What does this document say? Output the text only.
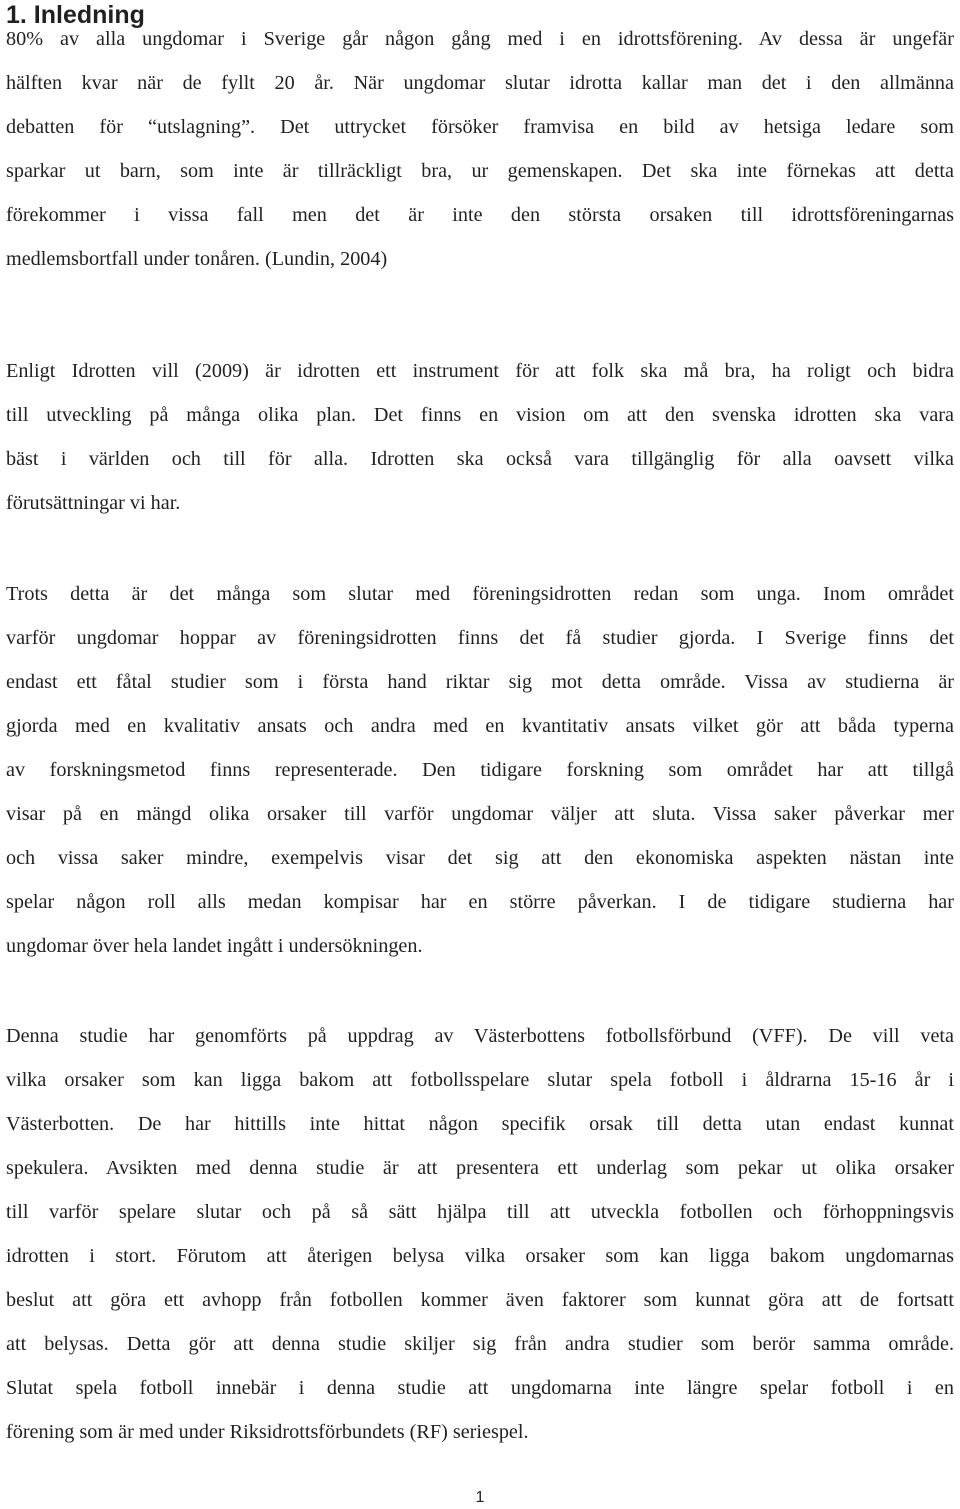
1. Inledning
80% av alla ungdomar i Sverige går någon gång med i en idrottsförening. Av dessa är ungefär
hälften kvar när de fyllt 20 år. När ungdomar slutar idrotta kallar man det i den allmänna
debatten för “utslagning”. Det uttrycket försöker framvisa en bild av hetsiga ledare som
sparkar ut barn, som inte är tillräckligt bra, ur gemenskapen. Det ska inte förnekas att detta
förekommer i vissa fall men det är inte den största orsaken till idrottsföreningarnas
medlemsbortfall under tonåren. (Lundin, 2004)
Enligt Idrotten vill (2009) är idrotten ett instrument för att folk ska må bra, ha roligt och bidra
till utveckling på många olika plan. Det finns en vision om att den svenska idrotten ska vara
bäst i världen och till för alla. Idrotten ska också vara tillgänglig för alla oavsett vilka
förutsättningar vi har.
Trots detta är det många som slutar med föreningsidrotten redan som unga. Inom området
varför ungdomar hoppar av föreningsidrotten finns det få studier gjorda. I Sverige finns det
endast ett fåtal studier som i första hand riktar sig mot detta område. Vissa av studierna är
gjorda med en kvalitativ ansats och andra med en kvantitativ ansats vilket gör att båda typerna
av forskningsmetod finns representerade. Den tidigare forskning som området har att tillgå
visar på en mängd olika orsaker till varför ungdomar väljer att sluta. Vissa saker påverkar mer
och vissa saker mindre, exempelvis visar det sig att den ekonomiska aspekten nästan inte
spelar någon roll alls medan kompisar har en större påverkan. I de tidigare studierna har
ungdomar över hela landet ingått i undersökningen.
Denna studie har genomförts på uppdrag av Västerbottens fotbollsförbund (VFF). De vill veta
vilka orsaker som kan ligga bakom att fotbollsspelare slutar spela fotboll i åldrarna 15-16 år i
Västerbotten. De har hittills inte hittat någon specifik orsak till detta utan endast kunnat
spekulera. Avsikten med denna studie är att presentera ett underlag som pekar ut olika orsaker
till varför spelare slutar och på så sätt hjälpa till att utveckla fotbollen och förhoppningsvis
idrotten i stort. Förutom att återigen belysa vilka orsaker som kan ligga bakom ungdomarnas
beslut att göra ett avhopp från fotbollen kommer även faktorer som kunnat göra att de fortsatt
att belysas. Detta gör att denna studie skiljer sig från andra studier som berör samma område.
Slutat spela fotboll innebär i denna studie att ungdomarna inte längre spelar fotboll i en
förening som är med under Riksidrottsförbundets (RF) seriespel.
1
